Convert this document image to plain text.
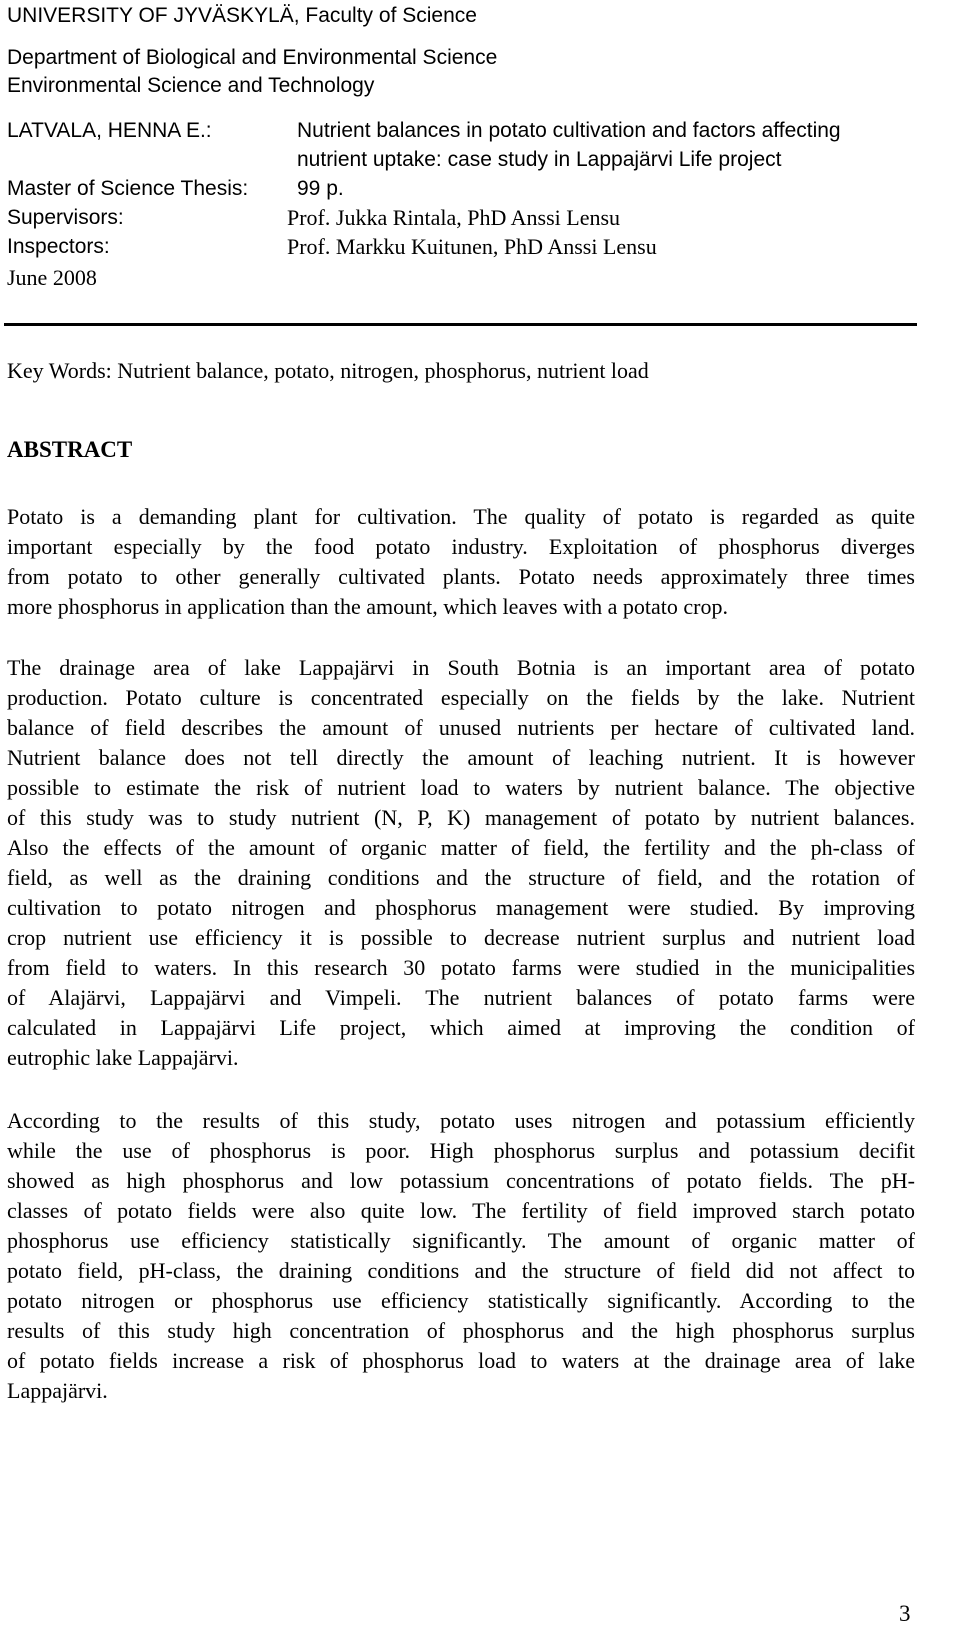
UNIVERSITY OF JYVÄSKYLÄ, Faculty of Science
Department of Biological and Environmental Science
Environmental Science and Technology
LATVALA, HENNA E.:	Nutrient balances in potato cultivation and factors affecting
nutrient uptake: case study in Lappajärvi Life project
Master of Science Thesis: 99 p.
Supervisors:	Prof. Jukka Rintala, PhD Anssi Lensu
Inspectors:	Prof. Markku Kuitunen, PhD Anssi Lensu
June 2008
Key Words: Nutrient balance, potato, nitrogen, phosphorus, nutrient load
ABSTRACT
Potato is a demanding plant for cultivation. The quality of potato is regarded as quite
important especially by the food potato industry. Exploitation of phosphorus diverges
from potato to other generally cultivated plants. Potato needs approximately three times
more phosphorus in application than the amount, which leaves with a potato crop.
The drainage area of lake Lappajärvi in South Botnia is an important area of potato
production. Potato culture is concentrated especially on the fields by the lake. Nutrient
balance of field describes the amount of unused nutrients per hectare of cultivated land.
Nutrient balance does not tell directly the amount of leaching nutrient. It is however
possible to estimate the risk of nutrient load to waters by nutrient balance. The objective
of this study was to study nutrient (N, P, K) management of potato by nutrient balances.
Also the effects of the amount of organic matter of field, the fertility and the ph-class of
field, as well as the draining conditions and the structure of field, and the rotation of
cultivation to potato nitrogen and phosphorus management were studied. By improving
crop nutrient use efficiency it is possible to decrease nutrient surplus and nutrient load
from field to waters. In this research 30 potato farms were studied in the municipalities
of Alajärvi, Lappajärvi and Vimpeli. The nutrient balances of potato farms were
calculated in Lappajärvi Life project, which aimed at improving the condition of
eutrophic lake Lappajärvi.
According to the results of this study, potato uses nitrogen and potassium efficiently
while the use of phosphorus is poor. High phosphorus surplus and potassium decifit
showed as high phosphorus and low potassium concentrations of potato fields. The pH-
classes of potato fields were also quite low. The fertility of field improved starch potato
phosphorus use efficiency statistically significantly. The amount of organic matter of
potato field, pH-class, the draining conditions and the structure of field did not affect to
potato nitrogen or phosphorus use efficiency statistically significantly. According to the
results of this study high concentration of phosphorus and the high phosphorus surplus
of potato fields increase a risk of phosphorus load to waters at the drainage area of lake
Lappajärvi.
3
